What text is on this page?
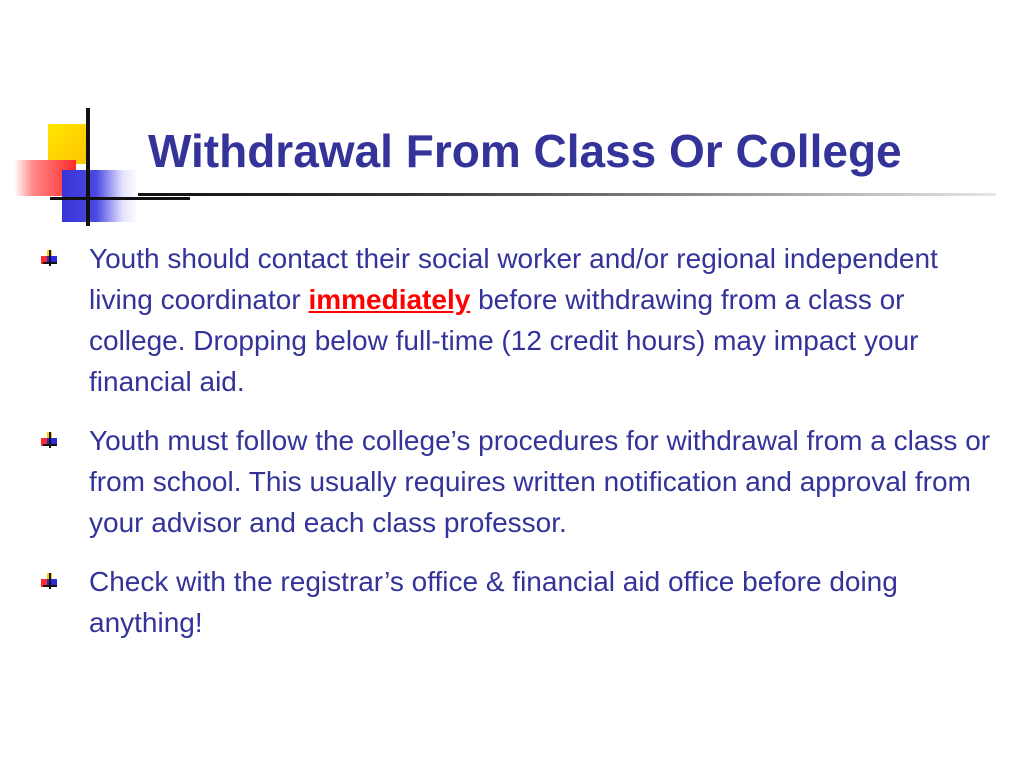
Withdrawal From Class Or College
Youth should contact their social worker and/or regional independent living coordinator immediately before withdrawing from a class or college. Dropping below full-time (12 credit hours) may impact your financial aid.
Youth must follow the college’s procedures for withdrawal from a class or from school. This usually requires written notification and approval from your advisor and each class professor.
Check with the registrar’s office & financial aid office before doing anything!
